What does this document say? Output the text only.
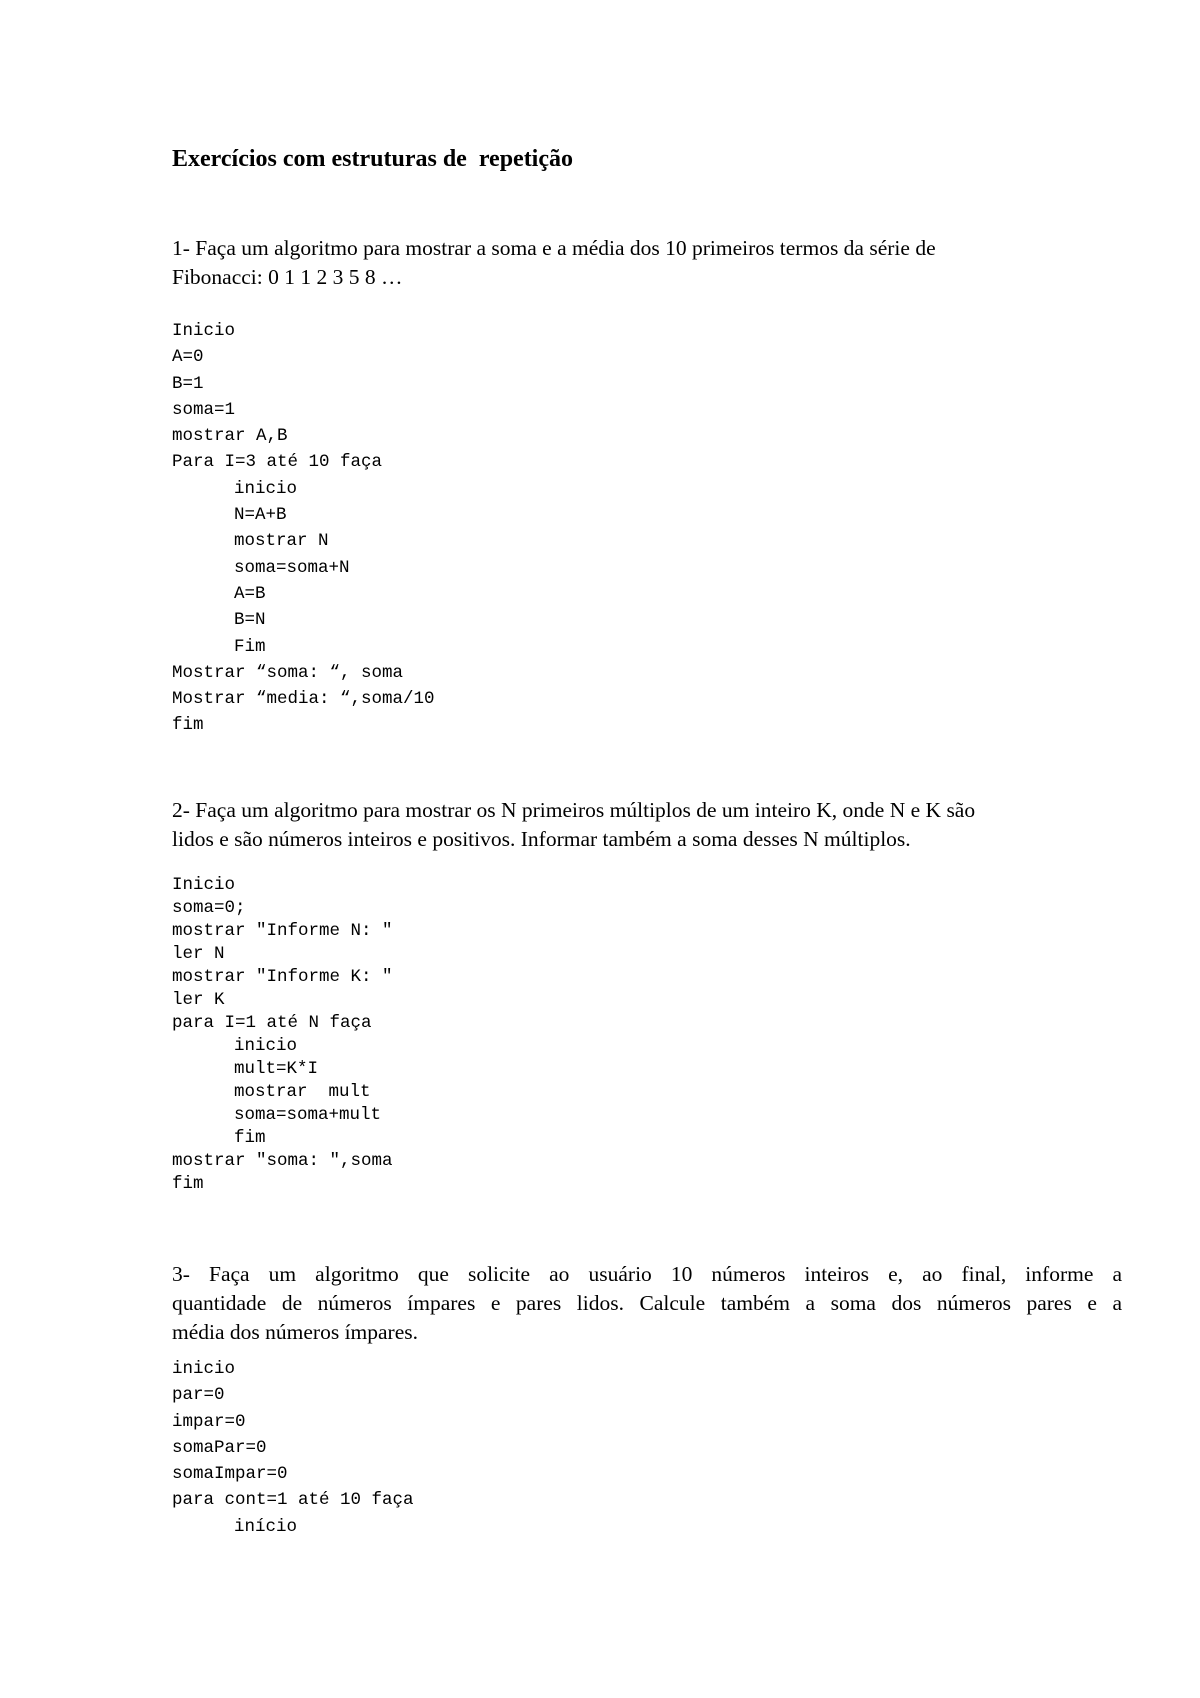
Exercícios com estruturas de  repetição
1- Faça um algoritmo para mostrar a soma e a média dos 10 primeiros termos da série de
Fibonacci: 0 1 1 2 3 5 8 …
Inicio
A=0
B=1
soma=1
mostrar A,B
Para I=3 até 10 faça
inicio
N=A+B
mostrar N
soma=soma+N
A=B
B=N
Fim
Mostrar “soma: “, soma
Mostrar “media: “,soma/10
fim
2- Faça um algoritmo para mostrar os N primeiros múltiplos de um inteiro K, onde N e K são
lidos e são números inteiros e positivos. Informar também a soma desses N múltiplos.
Inicio
soma=0;
mostrar "Informe N: "
ler N
mostrar "Informe K: "
ler K
para I=1 até N faça
inicio
mult=K*I
mostrar  mult
soma=soma+mult
fim
mostrar "soma: ",soma
fim
3- Faça um algoritmo que solicite ao usuário 10 números inteiros e, ao final, informe a
quantidade de números ímpares e pares lidos. Calcule também a soma dos números pares e a
média dos números ímpares.
inicio
par=0
impar=0
somaPar=0
somaImpar=0
para cont=1 até 10 faça
início
